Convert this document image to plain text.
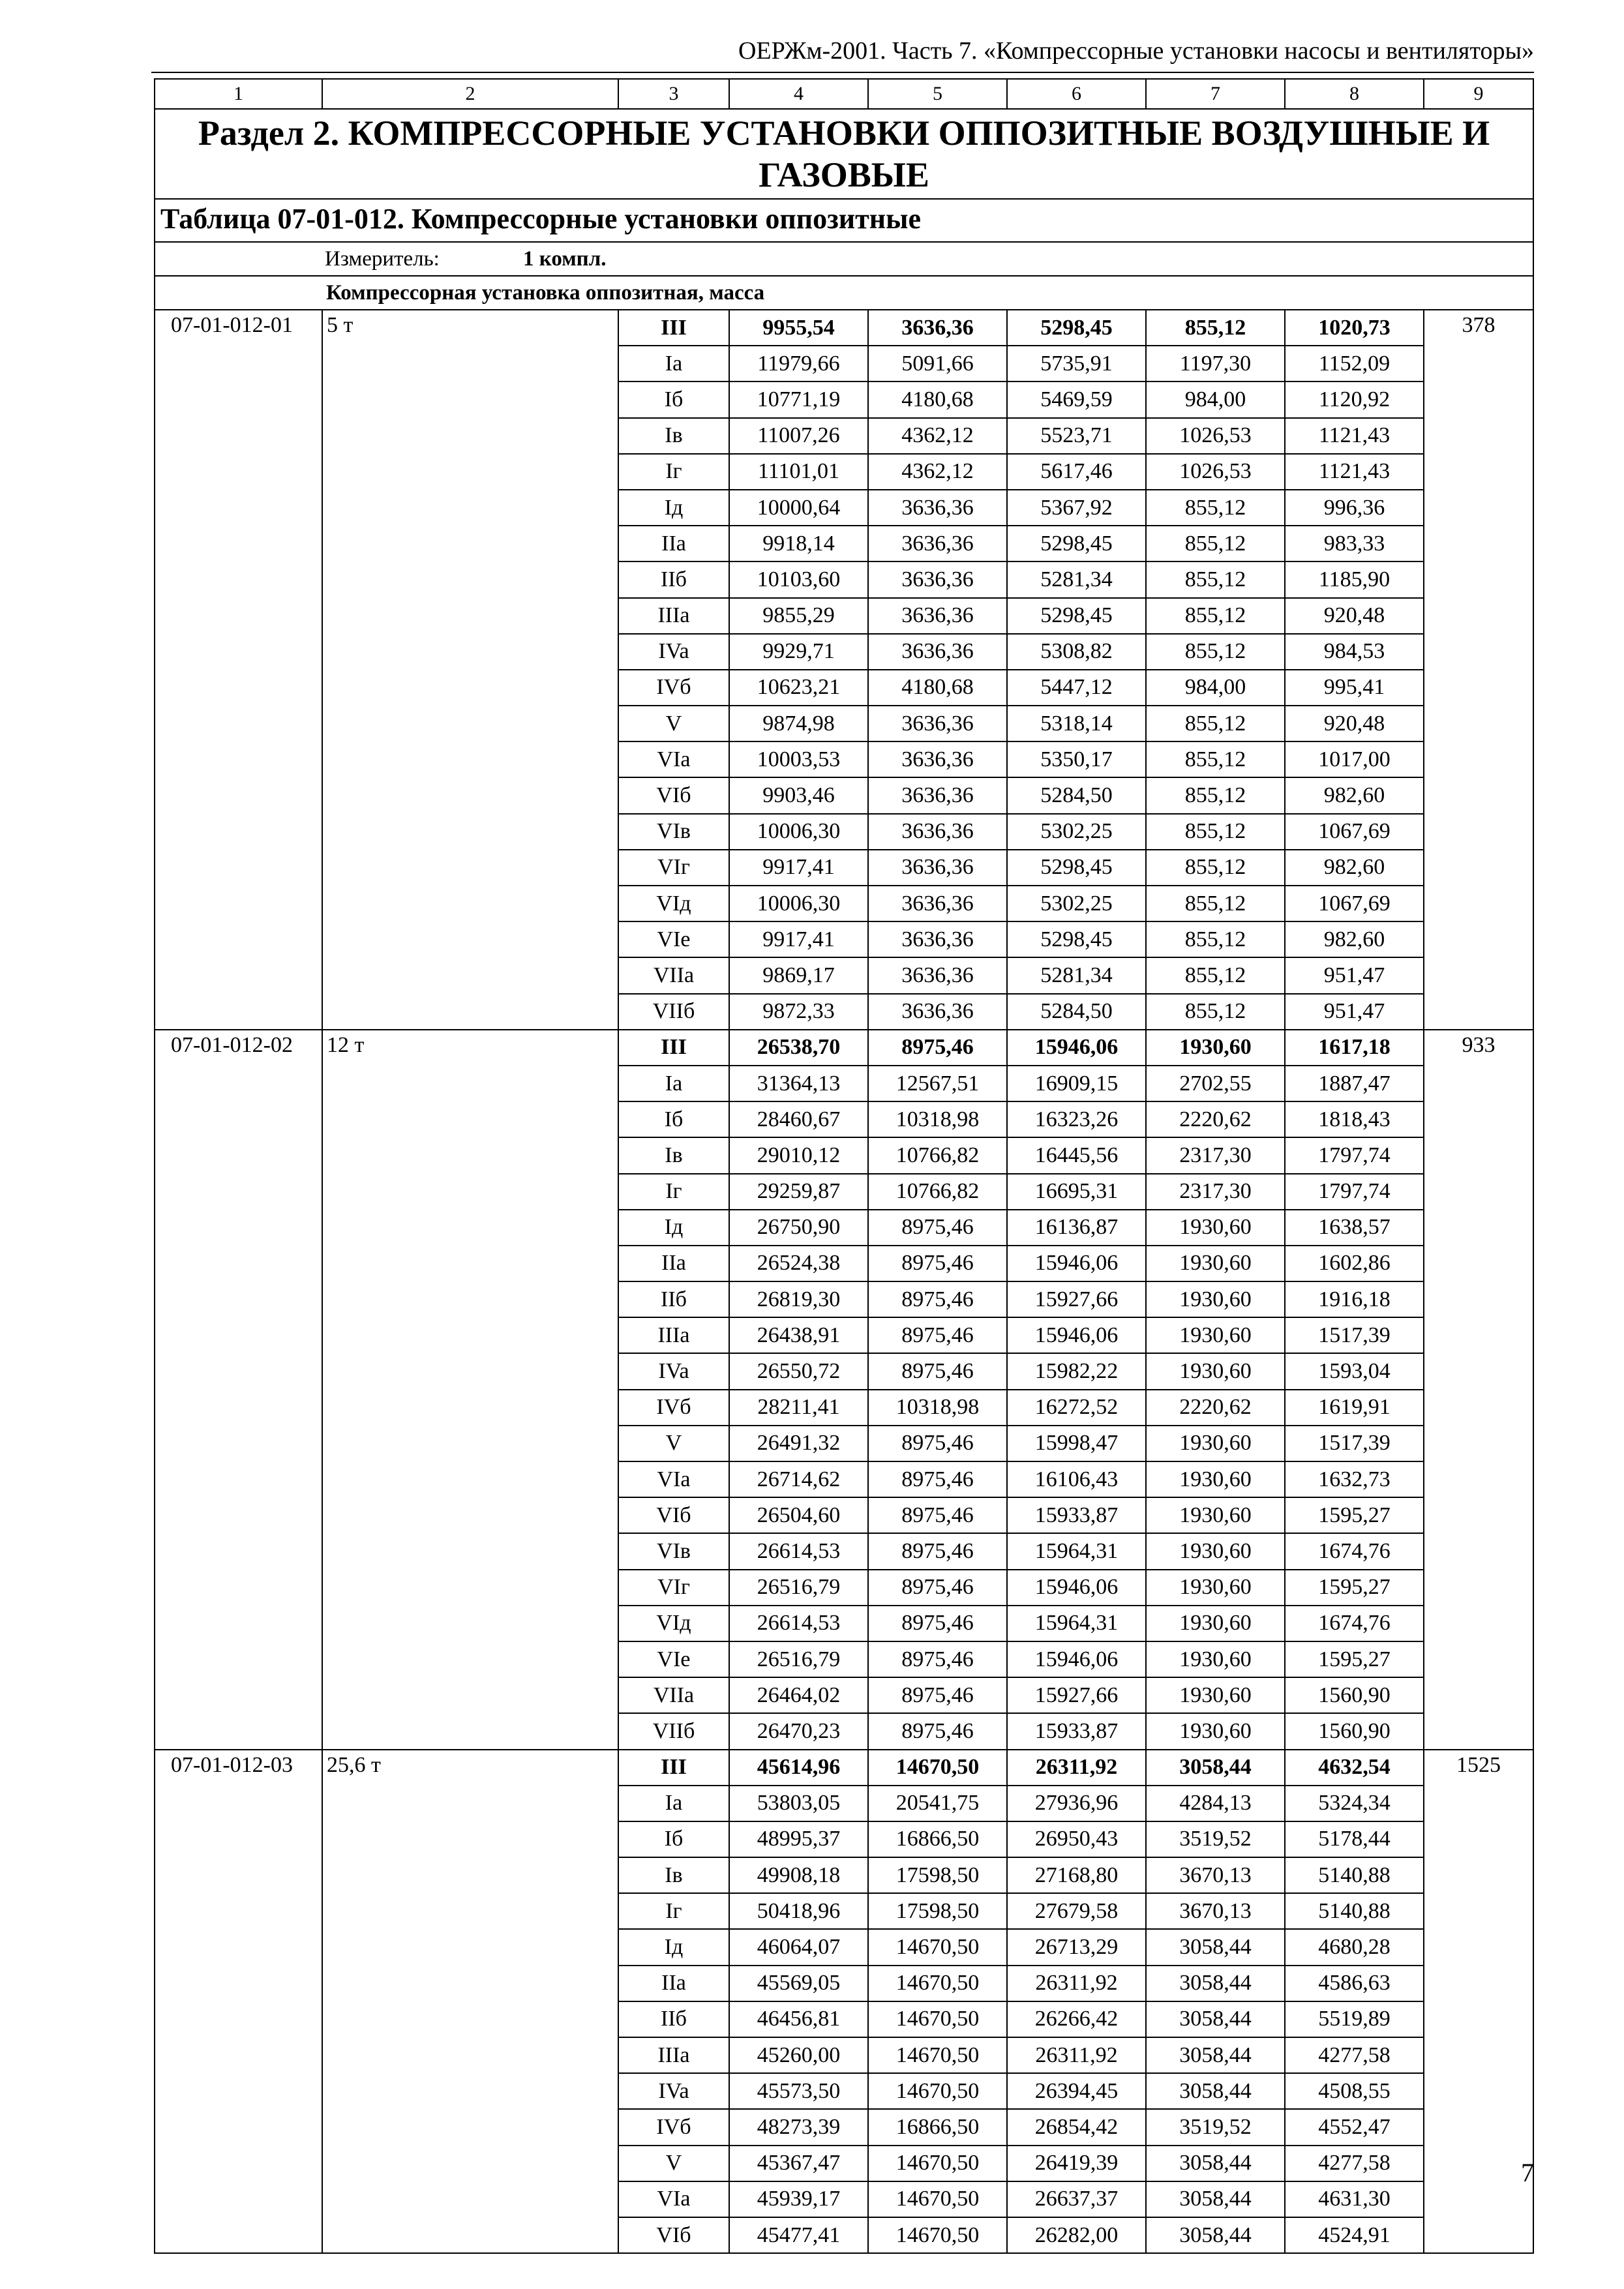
ОЕРЖм-2001. Часть 7. «Компрессорные установки насосы и вентиляторы»
1	2	3	4	5	6	7	8	9
Раздел 2. КОМПРЕССОРНЫЕ УСТАНОВКИ ОППОЗИТНЫЕ ВОЗДУШНЫЕ И ГАЗОВЫЕ								
Таблица 07-01-012. Компрессорные установки оппозитные								
Измеритель: 1 компл.								
Компрессорная установка оппозитная, масса								
07-01-012-01	5 т	III	9955,54	3636,36	5298,45	855,12	1020,73	378
		Ia	11979,66	5091,66	5735,91	1197,30	1152,09	
		Iб	10771,19	4180,68	5469,59	984,00	1120,92	
		Iв	11007,26	4362,12	5523,71	1026,53	1121,43	
		Iг	11101,01	4362,12	5617,46	1026,53	1121,43	
		Iд	10000,64	3636,36	5367,92	855,12	996,36	
		IIa	9918,14	3636,36	5298,45	855,12	983,33	
		IIб	10103,60	3636,36	5281,34	855,12	1185,90	
		IIIa	9855,29	3636,36	5298,45	855,12	920,48	
		IVa	9929,71	3636,36	5308,82	855,12	984,53	
		IVб	10623,21	4180,68	5447,12	984,00	995,41	
		V	9874,98	3636,36	5318,14	855,12	920,48	
		VIa	10003,53	3636,36	5350,17	855,12	1017,00	
		VIб	9903,46	3636,36	5284,50	855,12	982,60	
		VIв	10006,30	3636,36	5302,25	855,12	1067,69	
		VIг	9917,41	3636,36	5298,45	855,12	982,60	
		VIд	10006,30	3636,36	5302,25	855,12	1067,69	
		VIe	9917,41	3636,36	5298,45	855,12	982,60	
		VIIa	9869,17	3636,36	5281,34	855,12	951,47	
		VIIб	9872,33	3636,36	5284,50	855,12	951,47	
07-01-012-02	12 т	III	26538,70	8975,46	15946,06	1930,60	1617,18	933
		Ia	31364,13	12567,51	16909,15	2702,55	1887,47	
		Iб	28460,67	10318,98	16323,26	2220,62	1818,43	
		Iв	29010,12	10766,82	16445,56	2317,30	1797,74	
		Iг	29259,87	10766,82	16695,31	2317,30	1797,74	
		Iд	26750,90	8975,46	16136,87	1930,60	1638,57	
		IIa	26524,38	8975,46	15946,06	1930,60	1602,86	
		IIб	26819,30	8975,46	15927,66	1930,60	1916,18	
		IIIa	26438,91	8975,46	15946,06	1930,60	1517,39	
		IVa	26550,72	8975,46	15982,22	1930,60	1593,04	
		IVб	28211,41	10318,98	16272,52	2220,62	1619,91	
		V	26491,32	8975,46	15998,47	1930,60	1517,39	
		VIa	26714,62	8975,46	16106,43	1930,60	1632,73	
		VIб	26504,60	8975,46	15933,87	1930,60	1595,27	
		VIв	26614,53	8975,46	15964,31	1930,60	1674,76	
		VIг	26516,79	8975,46	15946,06	1930,60	1595,27	
		VIд	26614,53	8975,46	15964,31	1930,60	1674,76	
		VIe	26516,79	8975,46	15946,06	1930,60	1595,27	
		VIIa	26464,02	8975,46	15927,66	1930,60	1560,90	
		VIIб	26470,23	8975,46	15933,87	1930,60	1560,90	
07-01-012-03	25,6 т	III	45614,96	14670,50	26311,92	3058,44	4632,54	1525
		Ia	53803,05	20541,75	27936,96	4284,13	5324,34	
		Iб	48995,37	16866,50	26950,43	3519,52	5178,44	
		Iв	49908,18	17598,50	27168,80	3670,13	5140,88	
		Iг	50418,96	17598,50	27679,58	3670,13	5140,88	
		Iд	46064,07	14670,50	26713,29	3058,44	4680,28	
		IIa	45569,05	14670,50	26311,92	3058,44	4586,63	
		IIб	46456,81	14670,50	26266,42	3058,44	5519,89	
		IIIa	45260,00	14670,50	26311,92	3058,44	4277,58	
		IVa	45573,50	14670,50	26394,45	3058,44	4508,55	
		IVб	48273,39	16866,50	26854,42	3519,52	4552,47	
		V	45367,47	14670,50	26419,39	3058,44	4277,58	
		VIa	45939,17	14670,50	26637,37	3058,44	4631,30	
		VIб	45477,41	14670,50	26282,00	3058,44	4524,91	
7
